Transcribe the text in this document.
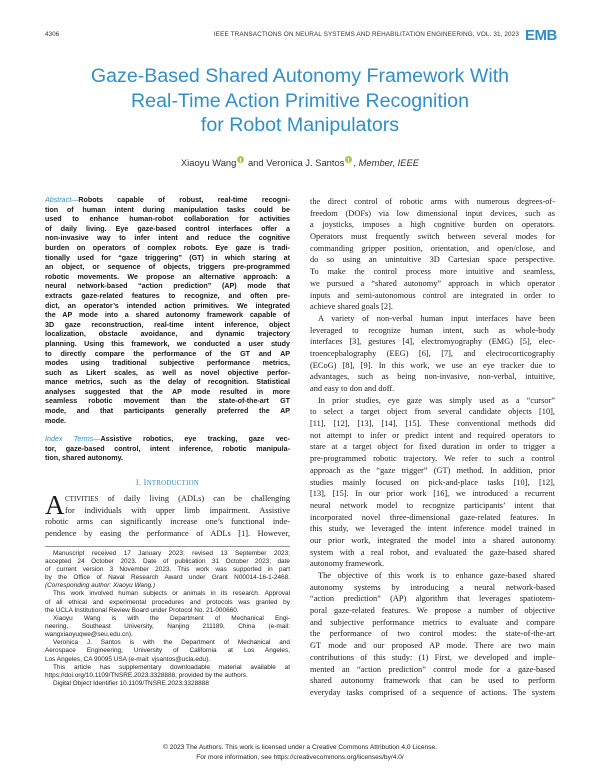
4306	IEEE TRANSACTIONS ON NEURAL SYSTEMS AND REHABILITATION ENGINEERING, VOL. 31, 2023 EMB
Gaze-Based Shared Autonomy Framework With
Real-Time Action Primitive Recognition
for Robot Manipulators
Xiaoyu Wang and Veronica J. Santos , Member, IEEE
Abstract—Robots capable of robust, real-time recogni-
tion of human intent during manipulation tasks could be
used to enhance human-robot collaboration for activities
of daily living. Eye gaze-based control interfaces offer a
non-invasive way to infer intent and reduce the cognitive
burden on operators of complex robots. Eye gaze is tradi-
tionally used for “gaze triggering” (GT) in which staring at
an object, or sequence of objects, triggers pre-programmed
robotic movements. We propose an alternative approach: a
neural network-based “action prediction” (AP) mode that
extracts gaze-related features to recognize, and often pre-
dict, an operator’s intended action primitives. We integrated
the AP mode into a shared autonomy framework capable of
3D gaze reconstruction, real-time intent inference, object
localization, obstacle avoidance, and dynamic trajectory
planning. Using this framework, we conducted a user study
to directly compare the performance of the GT and AP
modes using traditional subjective performance metrics,
such as Likert scales, as well as novel objective perfor-
mance metrics, such as the delay of recognition. Statistical
analyses suggested that the AP mode resulted in more
seamless robotic movement than the state-of-the-art GT
mode, and that participants generally preferred the AP
mode.
Index Terms—Assistive robotics, eye tracking, gaze vec-
tor, gaze-based control, intent inference, robotic manipula-
tion, shared autonomy.
I. INTRODUCTION
A CTIVITIES of daily living (ADLs) can be challenging
for individuals with upper limb impairment. Assistive
robotic arms can significantly increase one’s functional inde-
pendence by easing the performance of ADLs [1]. However,
Manuscript received 17 January 2023; revised 13 September 2023;
accepted 24 October 2023. Date of publication 31 October 2023; date
of current version 3 November 2023. This work was supported in part
by the Office of Naval Research Award under Grant N00014-16-1-2468.
(Corresponding author: Xiaoyu Wang.)
This work involved human subjects or animals in its research. Approval
of all ethical and experimental procedures and protocols was granted by
the UCLA Institutional Review Board under Protocol No. 21-000660.
Xiaoyu Wang is with the Department of Mechanical Engi-
neering, Southeast University, Nanjing 211189, China (e-mail:
wangxiaoyuqwe@seu.edu.cn).
Veronica J. Santos is with the Department of Mechanical and
Aerospace Engineering, University of California at Los Angeles,
Los Angeles, CA 90095 USA (e-mail: vjsantos@ucla.edu).
This article has supplementary downloadable material available at
https://doi.org/10.1109/TNSRE.2023.3328888, provided by the authors.
Digital Object Identifier 10.1109/TNSRE.2023.3328888
the direct control of robotic arms with numerous degrees-of-
freedom (DOFs) via low dimensional input devices, such as
a joysticks, imposes a high cognitive burden on operators.
Operators must frequently switch between several modes for
commanding gripper position, orientation, and open/close, and
do so using an unintuitive 3D Cartesian space perspective.
To make the control process more intuitive and seamless,
we pursued a “shared autonomy” approach in which operator
inputs and semi-autonomous control are integrated in order to
achieve shared goals [2].
A variety of non-verbal human input interfaces have been
leveraged to recognize human intent, such as whole-body
interfaces [3], gestures [4], electromyography (EMG) [5], elec-
troencephalography (EEG) [6], [7], and electrocorticography
(ECoG) [8], [9]. In this work, we use an eye tracker due to
advantages, such as being non-invasive, non-verbal, intuitive,
and easy to don and doff.
In prior studies, eye gaze was simply used as a “cursor”
to select a target object from several candidate objects [10],
[11], [12], [13], [14], [15]. These conventional methods did
not attempt to infer or predict intent and required operators to
stare at a target object for fixed duration in order to trigger a
pre-programmed robotic trajectory. We refer to such a control
approach as the “gaze trigger” (GT) method. In addition, prior
studies mainly focused on pick-and-place tasks [10], [12],
[13], [15]. In our prior work [16], we introduced a recurrent
neural network model to recognize participants’ intent that
incorporated novel three-dimensional gaze-related features. In
this study, we leveraged the intent inference model trained in
our prior work, integrated the model into a shared autonomy
system with a real robot, and evaluated the gaze-based shared
autonomy framework.
The objective of this work is to enhance gaze-based shared
autonomy systems by introducing a neural network-based
“action prediction” (AP) algorithm that leverages spatiotem-
poral gaze-related features. We propose a number of objective
and subjective performance metrics to evaluate and compare
the performance of two control modes: the state-of-the-art
GT mode and our proposed AP mode. There are two main
contributions of this study: (1) First, we developed and imple-
mented an “action prediction” control mode for a gaze-based
shared autonomy framework that can be used to perform
everyday tasks comprised of a sequence of actions. The system
© 2023 The Authors. This work is licensed under a Creative Commons Attribution 4.0 License.
For more information, see https://creativecommons.org/licenses/by/4.0/
